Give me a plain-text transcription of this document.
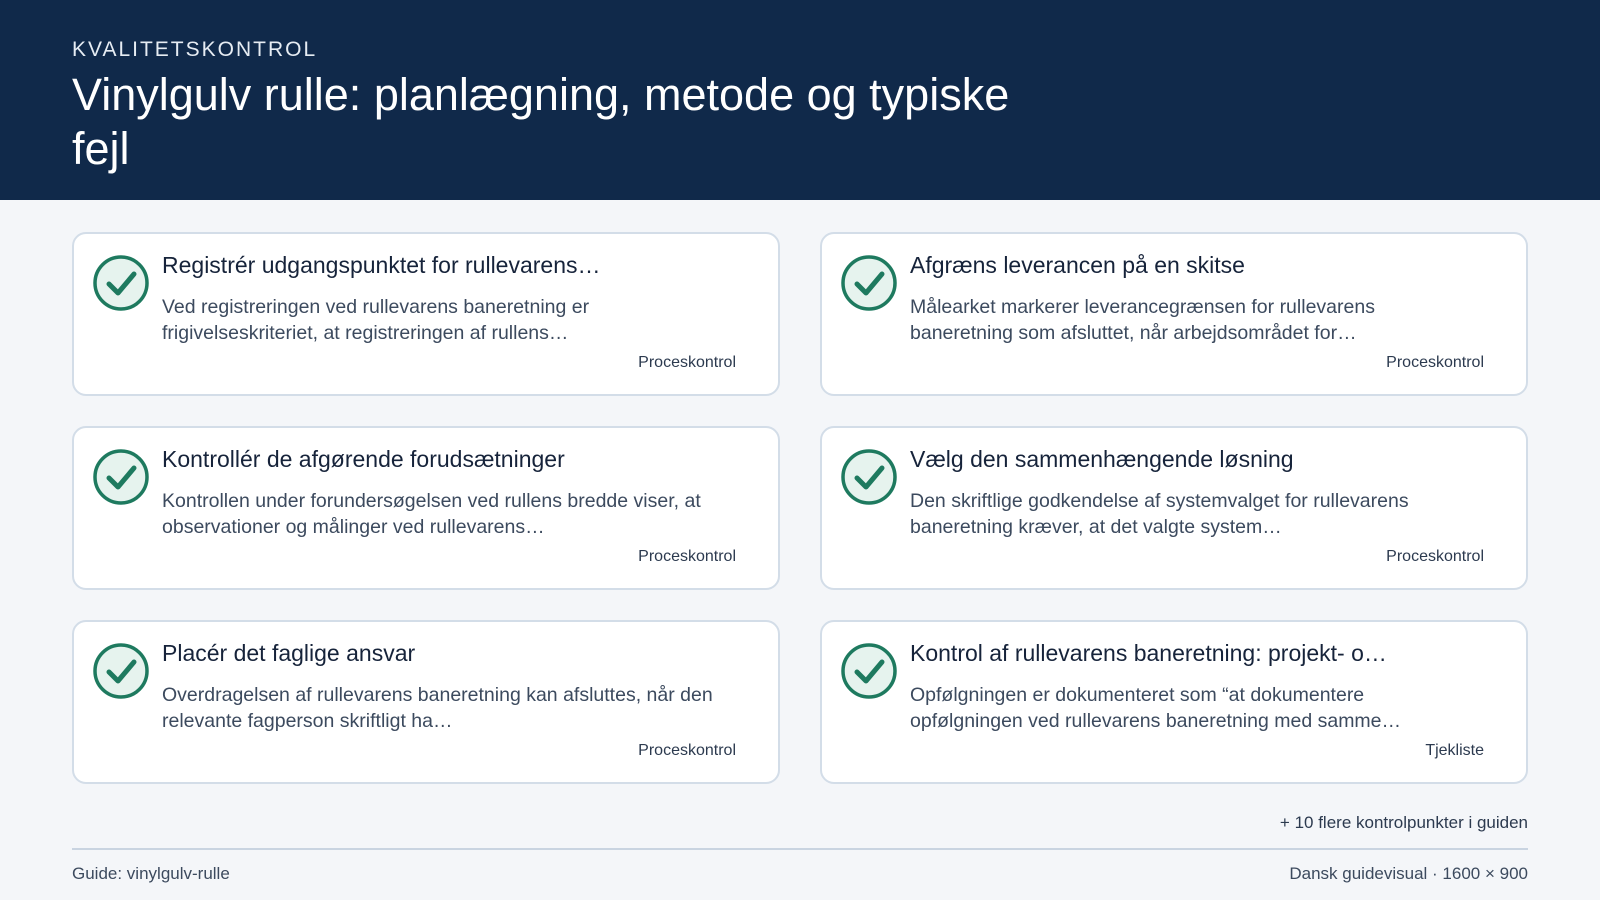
KVALITETSKONTROL
Vinylgulv rulle: planlægning, metode og typiske fejl
Registrér udgangspunktet for rullevarens…
Ved registreringen ved rullevarens baneretning er frigivelseskriteriet, at registreringen af rullens…
Proceskontrol
Afgræns leverancen på en skitse
Målearket markerer leverancegrænsen for rullevarens baneretning som afsluttet, når arbejdsområdet for…
Proceskontrol
Kontrollér de afgørende forudsætninger
Kontrollen under forundersøgelsen ved rullens bredde viser, at observationer og målinger ved rullevarens…
Proceskontrol
Vælg den sammenhængende løsning
Den skriftlige godkendelse af systemvalget for rullevarens baneretning kræver, at det valgte system…
Proceskontrol
Placér det faglige ansvar
Overdragelsen af rullevarens baneretning kan afsluttes, når den relevante fagperson skriftligt ha…
Proceskontrol
Kontrol af rullevarens baneretning: projekt- o…
Opfølgningen er dokumenteret som “at dokumentere opfølgningen ved rullevarens baneretning med samme…
Tjekliste
+ 10 flere kontrolpunkter i guiden
Guide: vinylgulv-rulle	Dansk guidevisual · 1600 × 900
